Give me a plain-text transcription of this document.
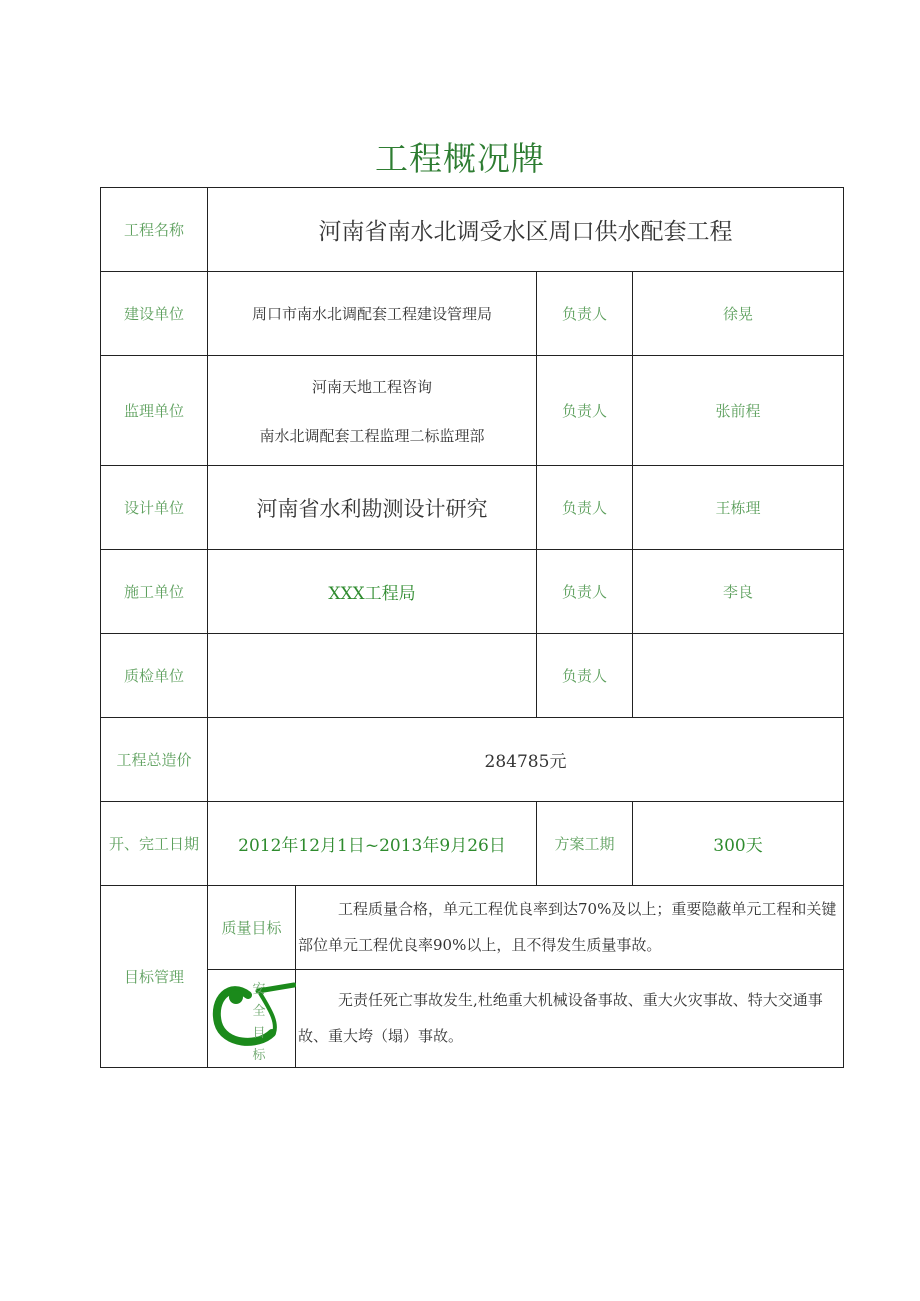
工程概况牌
工程名称	河南省南水北调受水区周口供水配套工程			
建设单位	周口市南水北调配套工程建设管理局		负责人	徐晃
监理单位	河南天地工程咨询
南水北调配套工程监理二标监理部		负责人	张前程
设计单位	河南省水利勘测设计研究		负责人	王栋理
施工单位	XXX工程局		负责人	李良
质检单位			负责人	
工程总造价	284785元			
开、完工日期	2012年12月1日~2013年9月26日		方案工期	300天
目标管理	质量目标	工程质量合格，单元工程优良率到达70%及以上；重要隐蔽单元工程和关键部位单元工程优良率90%以上，且不得发生质量事故。		

	安全目标	无责任死亡事故发生,杜绝重大机械设备事故、重大火灾事故、特大交通事故、重大垮（塌）事故。		
